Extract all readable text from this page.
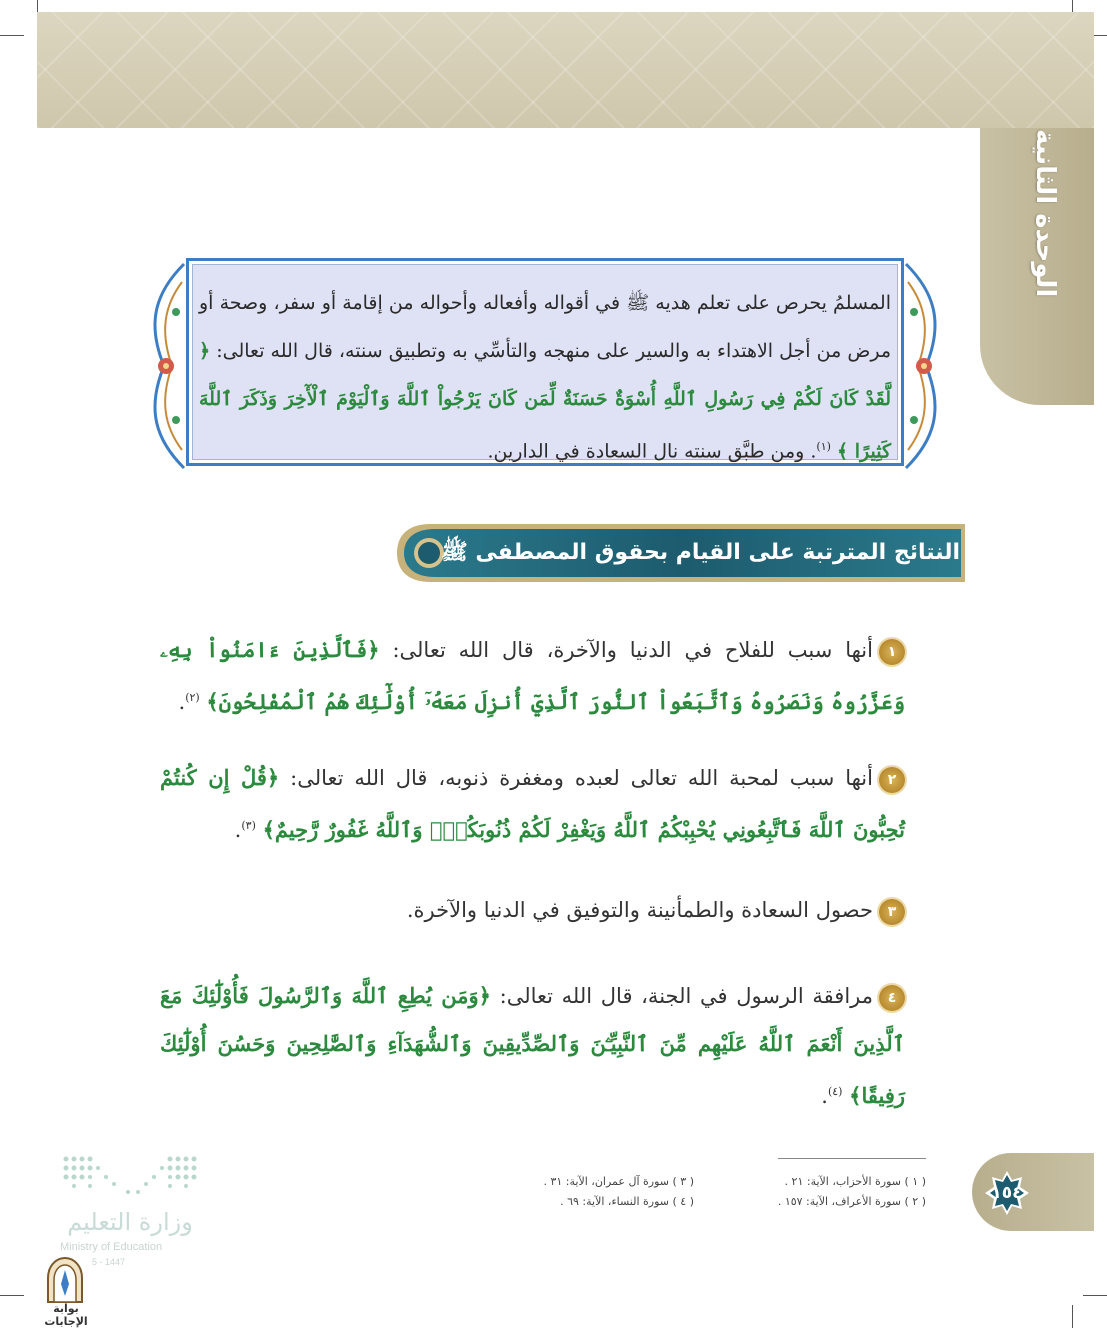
الوحدة الثانية
المسلمُ يحرص على تعلم هديه ﷺ في أقواله وأفعاله وأحواله من إقامة أو سفر، وصحة أو مرض من أجل الاهتداء به والسير على منهجه والتأسِّي به وتطبيق سنته، قال الله تعالى: ﴿ لَّقَدْ كَانَ لَكُمْ فِي رَسُولِ ٱللَّهِ أُسْوَةٌ حَسَنَةٌ لِّمَن كَانَ يَرْجُواْ ٱللَّهَ وَٱلْيَوْمَ ٱلْأٓخِرَ وَذَكَرَ ٱللَّهَ كَثِيرًا ﴾ $^{(١)}$. ومن طبَّق سنته نال السعادة في الدارين.
النتائج المترتبة على القيام بحقوق المصطفى ﷺ
١أنها سبب للفلاح في الدنيا والآخرة، قال الله تعالى: ﴿فَٱلَّذِينَ ءَامَنُواْ بِهِۦ وَعَزَّرُوهُ وَنَصَرُوهُ وَٱتَّبَعُواْ ٱلنُّورَ ٱلَّذِيٓ أُنزِلَ مَعَهُۥٓ أُوْلَٰٓئِكَ هُمُ ٱلْمُفْلِحُونَ﴾ $^{(٢)}$.
٢أنها سبب لمحبة الله تعالى لعبده ومغفرة ذنوبه، قال الله تعالى: ﴿قُلْ إِن كُنتُمْ تُحِبُّونَ ٱللَّهَ فَٱتَّبِعُونِي يُحْبِبْكُمُ ٱللَّهُ وَيَغْفِرْ لَكُمْ ذُنُوبَكُمْۗ وَٱللَّهُ غَفُورٌ رَّحِيمٌ﴾ $^{(٣)}$.
٣حصول السعادة والطمأنينة والتوفيق في الدنيا والآخرة.
٤مرافقة الرسول في الجنة، قال الله تعالى: ﴿وَمَن يُطِعِ ٱللَّهَ وَٱلرَّسُولَ فَأُوْلَٰٓئِكَ مَعَ ٱلَّذِينَ أَنْعَمَ ٱللَّهُ عَلَيْهِم مِّنَ ٱلنَّبِيِّـۧنَ وَٱلصِّدِّيقِينَ وَٱلشُّهَدَآءِ وَٱلصَّٰلِحِينَ وَحَسُنَ أُوْلَٰٓئِكَ رَفِيقًا﴾ $^{(٤)}$.
( ١ ) سورة الأحزاب، الآية: ٢١ .
( ٢ ) سورة الأعراف، الآية: ١٥٧ .
( ٣ ) سورة آل عمران، الآية: ٣١ .
( ٤ ) سورة النساء، الآية: ٦٩ .	١٥٤
وزارة التعليم
Ministry of Education
5 - 1447
بوابة الإجابات
